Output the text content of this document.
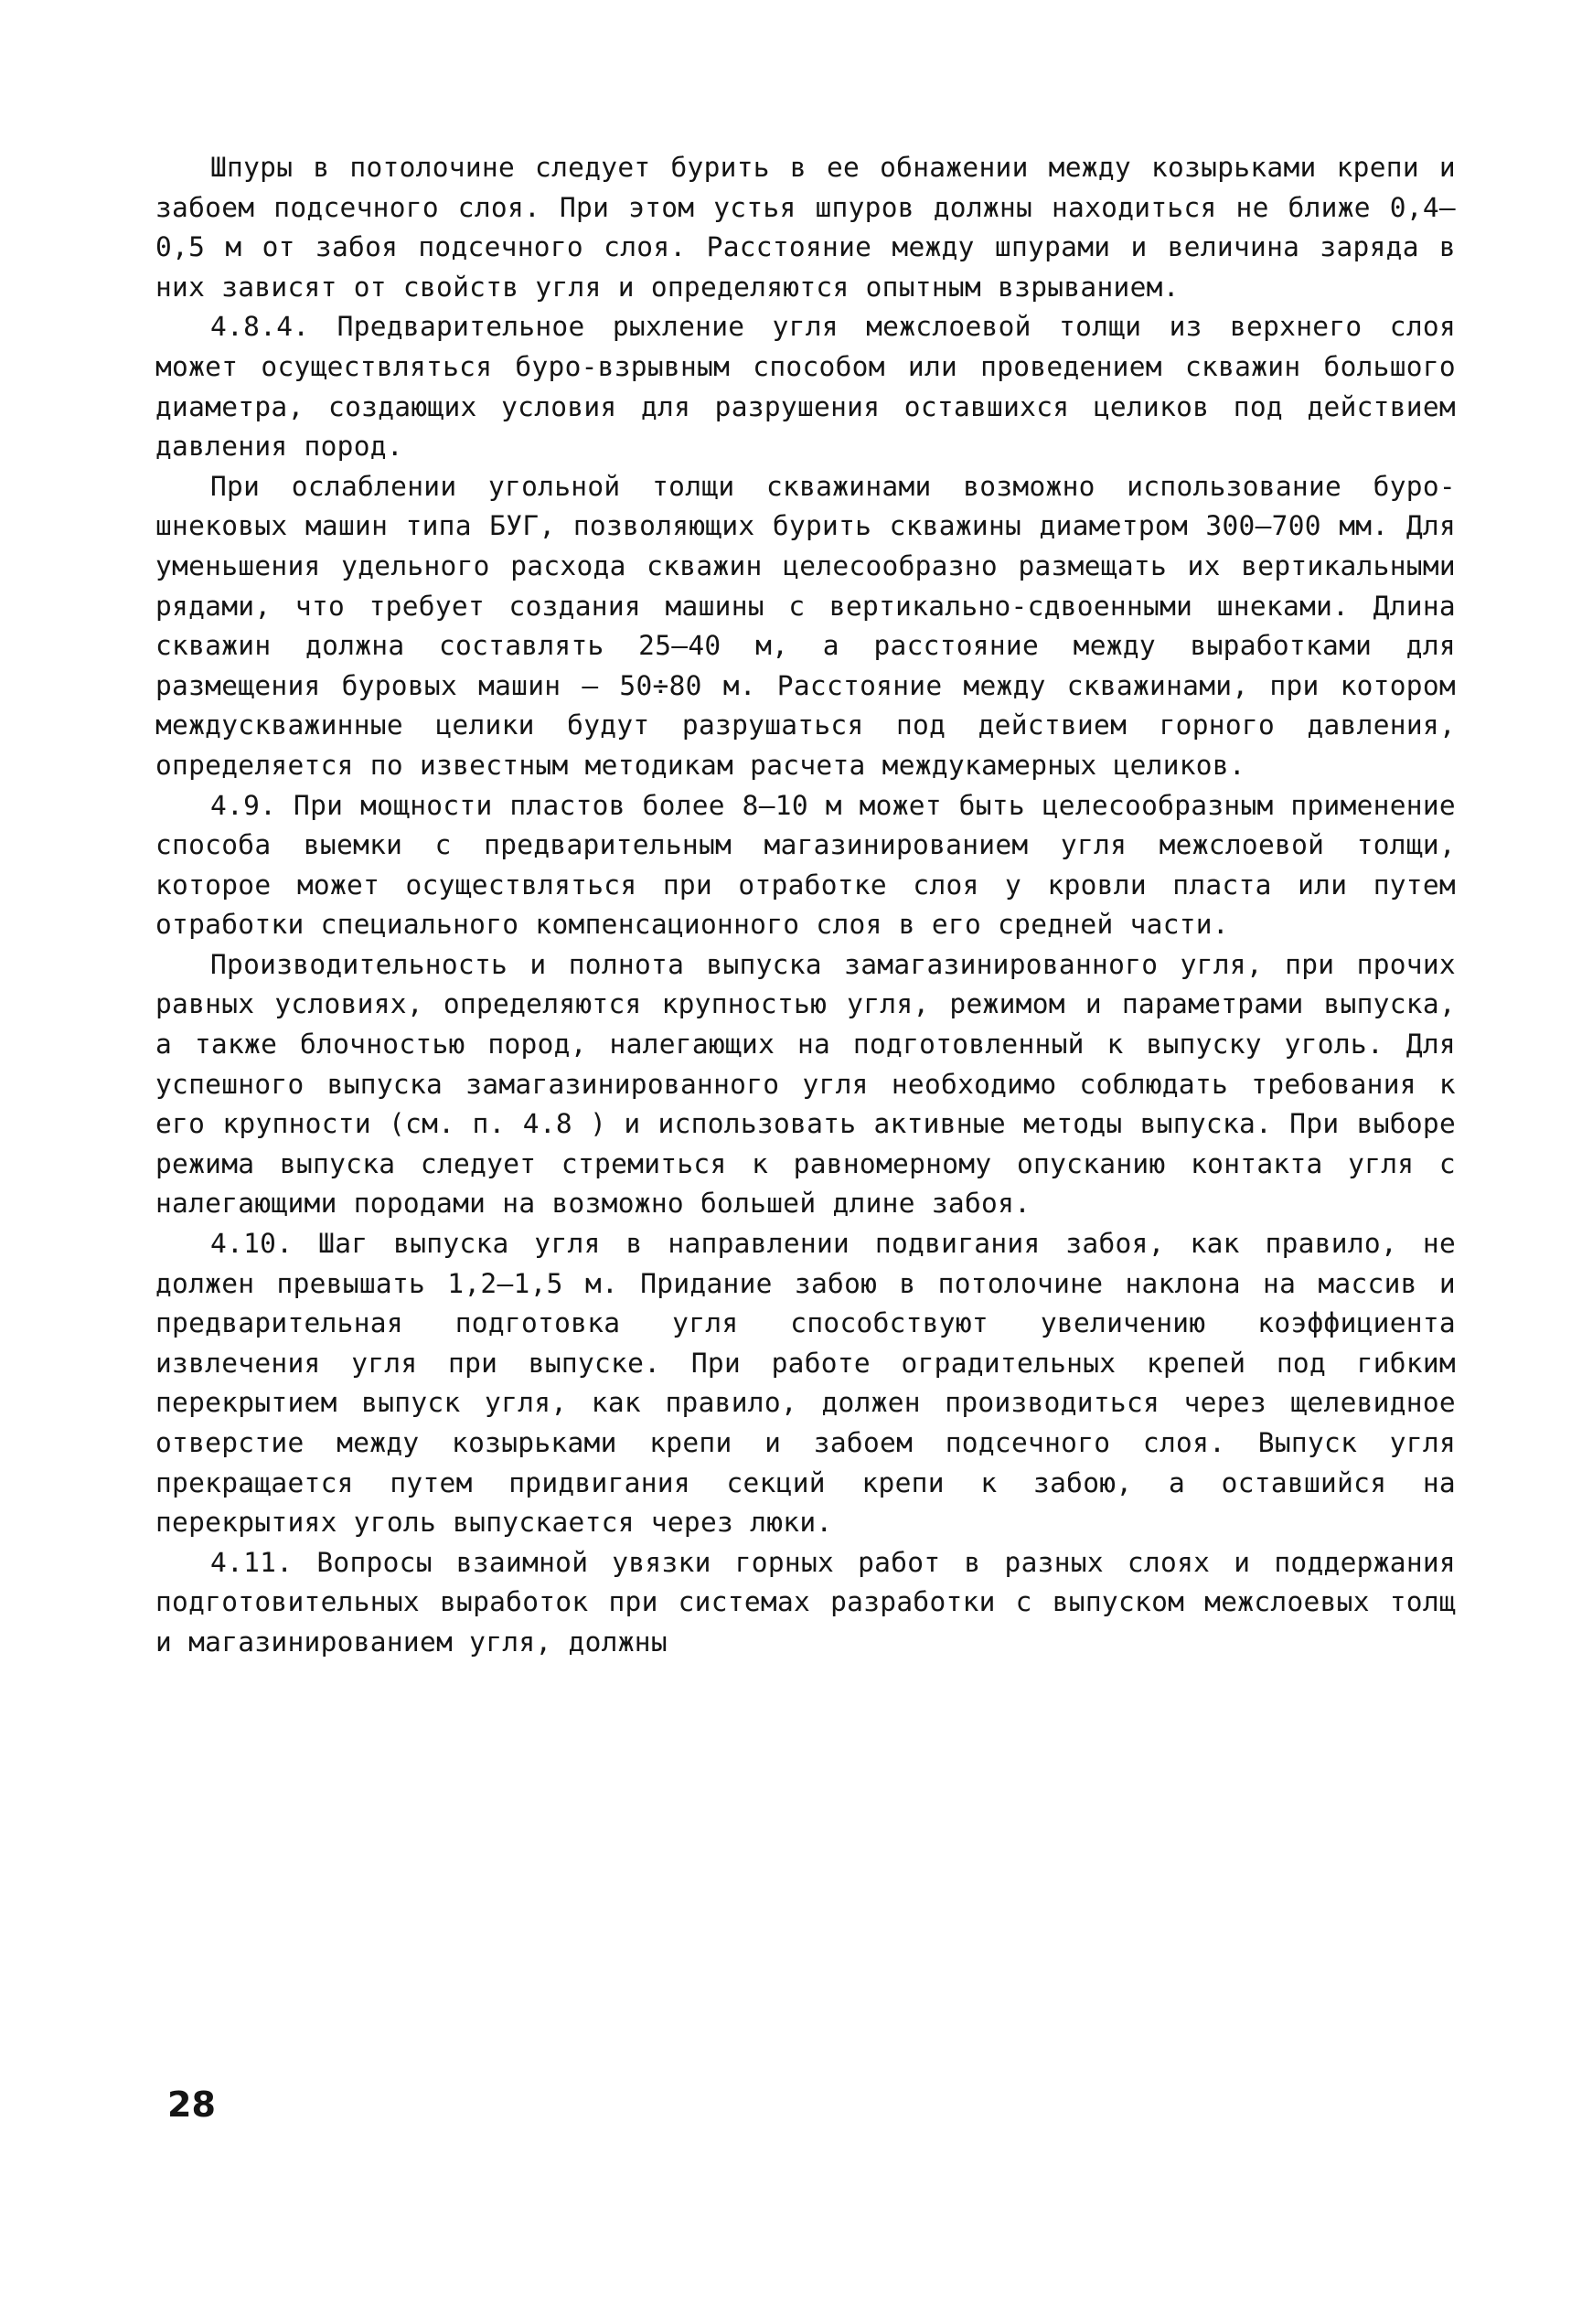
Шпуры в потолочине следует бурить в ее обнажении между козырьками крепи и забоем подсечного слоя. При этом устья шпуров должны находиться не ближе 0,4–0,5 м от забоя подсечного слоя. Расстояние между шпурами и величина заряда в них зависят от свойств угля и определяются опытным взрыванием.

4.8.4. Предварительное рыхление угля межслоевой толщи из верхнего слоя может осуществляться буро-взрывным способом или проведением скважин большого диаметра, создающих условия для разрушения оставшихся целиков под действием давления пород.

При ослаблении угольной толщи скважинами возможно использование буро-шнековых машин типа БУГ, позволяющих бурить скважины диаметром 300–700 мм. Для уменьшения удельного расхода скважин целесообразно размещать их вертикальными рядами, что требует создания машины с вертикально-сдвоенными шнеками. Длина скважин должна составлять 25–40 м, а расстояние между выработками для размещения буровых машин – 50÷80 м. Расстояние между скважинами, при котором междускважинные целики будут разрушаться под действием горного давления, определяется по известным методикам расчета междукамерных целиков.

4.9. При мощности пластов более 8–10 м может быть целесообразным применение способа выемки с предварительным магазинированием угля межслоевой толщи, которое может осуществляться при отработке слоя у кровли пласта или путем отработки специального компенсационного слоя в его средней части.

Производительность и полнота выпуска замагазинированного угля, при прочих равных условиях, определяются крупностью угля, режимом и параметрами выпуска, а также блочностью пород, налегающих на подготовленный к выпуску уголь. Для успешного выпуска замагазинированного угля необходимо соблюдать требования к его крупности (см. п. 4.8 ) и использовать активные методы выпуска. При выборе режима выпуска следует стремиться к равномерному опусканию контакта угля с налегающими породами на возможно большей длине забоя.

4.10. Шаг выпуска угля в направлении подвигания забоя, как правило, не должен превышать 1,2–1,5 м. Придание забою в потолочине наклона на массив и предварительная подготовка угля способствуют увеличению коэффициента извлечения угля при выпуске. При работе оградительных крепей под гибким перекрытием выпуск угля, как правило, должен производиться через щелевидное отверстие между козырьками крепи и забоем подсечного слоя. Выпуск угля прекращается путем придвигания секций крепи к забою, а оставшийся на перекрытиях уголь выпускается через люки.

4.11. Вопросы взаимной увязки горных работ в разных слоях и поддержания подготовительных выработок при системах разработки с выпуском межслоевых толщ и магазинированием угля, должны

28
